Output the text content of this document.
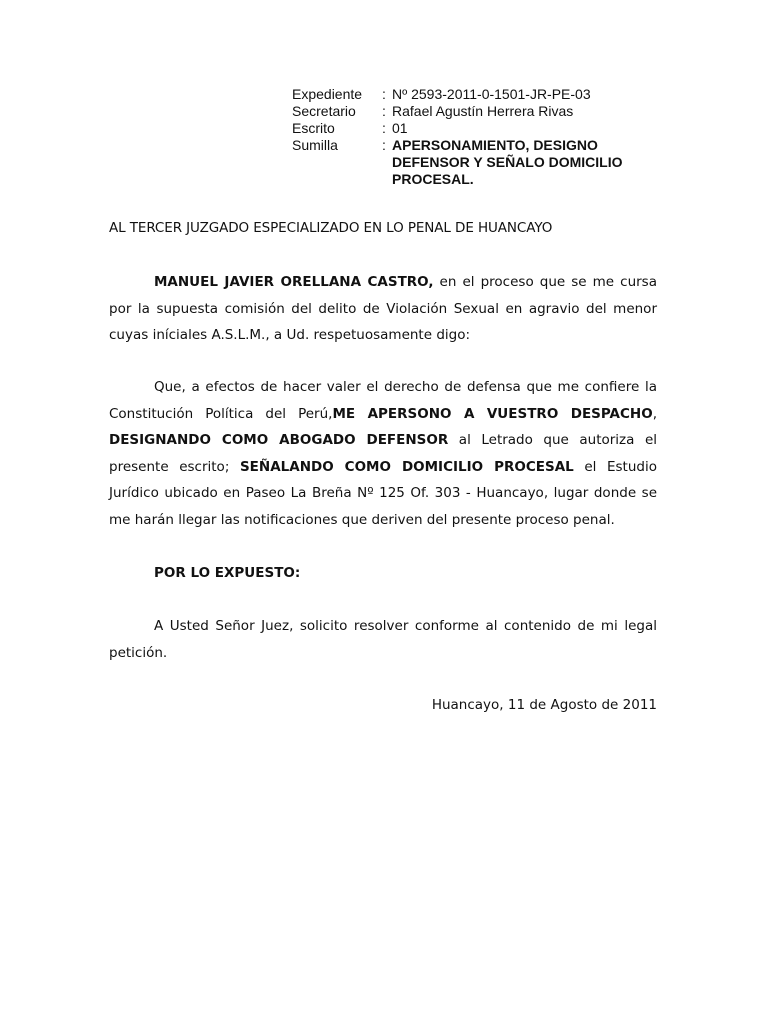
Expediente	: Nº 2593-2011-0-1501-JR-PE-03
Secretario	: Rafael Agustín Herrera Rivas
Escrito	: 01
Sumilla	: APERSONAMIENTO, DESIGNO
DEFENSOR Y SEÑALO DOMICILIO
PROCESAL.
AL TERCER JUZGADO ESPECIALIZADO EN LO PENAL DE HUANCAYO
MANUEL JAVIER ORELLANA CASTRO, en el proceso que se me cursa
por la supuesta comisión del delito de Violación Sexual en agravio del menor
cuyas iníciales A.S.L.M., a Ud. respetuosamente digo:
Que, a efectos de hacer valer el derecho de defensa que me confiere la
Constitución Política del Perú,ME APERSONO A VUESTRO DESPACHO,
DESIGNANDO COMO ABOGADO DEFENSOR al Letrado que autoriza el
presente escrito; SEÑALANDO COMO DOMICILIO PROCESAL el Estudio
Jurídico ubicado en Paseo La Breña Nº 125 Of. 303 - Huancayo, lugar donde se
me harán llegar las notificaciones que deriven del presente proceso penal.
POR LO EXPUESTO:
A Usted Señor Juez, solicito resolver conforme al contenido de mi legal
petición.
Huancayo, 11 de Agosto de 2011
